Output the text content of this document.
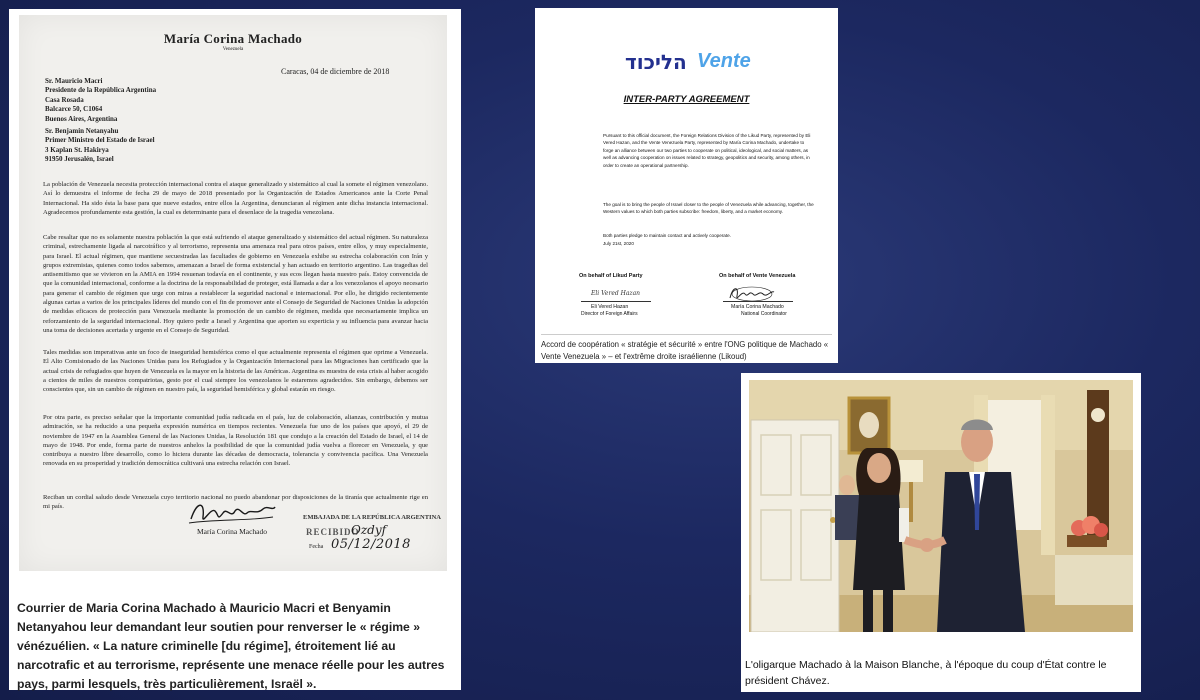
María Corina Machado
Venezuela
Caracas, 04 de diciembre de 2018
Sr. Mauricio Macri
Presidente de la República Argentina
Casa Rosada
Balcarce 50, C1064
Buenos Aires, Argentina
Sr. Benjamin Netanyahu
Primer Ministro del Estado de Israel
3 Kaplan St. Hakirya
91950 Jerusalén, Israel

La población de Venezuela necesita protección internacional contra el ataque generalizado y sistemático al cual la somete el régimen venezolano. Así lo demuestra el informe de fecha 29 de mayo de 2018 presentado por la Organización de Estados Americanos ante la Corte Penal Internacional. Ha sido ésta la base para que nueve estados, entre ellos la Argentina, denunciaran al régimen ante dicha instancia internacional. Agradecemos profundamente esta gestión, la cual es determinante para el desenlace de la tragedia venezolana.

Cabe resaltar que no es solamente nuestra población la que está sufriendo el ataque generalizado y sistemático del actual régimen. Su naturaleza criminal, estrechamente ligada al narcotráfico y al terrorismo, representa una amenaza real para otros países, entre ellos, y muy especialmente, para Israel. El actual régimen, que mantiene secuestradas las facultades de gobierno en Venezuela exhibe su estrecha colaboración con Irán y grupos extremistas, quienes como todos sabemos, amenazan a Israel de forma existencial y han actuado en territorio argentino. Las tragedias del antisemitismo que se vivieron en la AMIA en 1994 resuenan todavía en el continente, y sus ecos llegan hasta nuestro país. Estoy convencida de que la comunidad internacional, conforme a la doctrina de la responsabilidad de proteger, está llamada a dar a los venezolanos el apoyo necesario para generar el cambio de régimen que urge con miras a restablecer la seguridad nacional e internacional. Por ello, he dirigido recientemente algunas cartas a varios de los principales líderes del mundo con el fin de promover ante el Consejo de Seguridad de Naciones Unidas la adopción de medidas eficaces de protección para Venezuela mediante la promoción de un cambio de régimen, medida que necesariamente implica un reforzamiento de la seguridad internacional. Hoy quiero pedir a Israel y Argentina que aporten su experticia y su influencia para avanzar hacia una toma de decisiones acertada y urgente en el Consejo de Seguridad.

Tales medidas son imperativas ante un foco de inseguridad hemisférica como el que actualmente representa el régimen que oprime a Venezuela. El Alto Comisionado de las Naciones Unidas para los Refugiados y la Organización Internacional para las Migraciones han certificado que la actual crisis de refugiados que huyen de Venezuela es la mayor en la historia de las Américas. Argentina es muestra de esta crisis al haber acogido a cientos de miles de nuestros compatriotas, gesto por el cual siempre los venezolanos le estaremos agradecidos. Sin embargo, debemos ser conscientes que, sin un cambio de régimen en nuestro país, la seguridad hemisférica y global estarán en riesgo.

Por otra parte, es preciso señalar que la importante comunidad judía radicada en el país, luz de colaboración, alianzas, contribución y mutua admiración, se ha reducido a una pequeña expresión numérica en tiempos recientes. Venezuela fue uno de los países que apoyó, el 29 de noviembre de 1947 en la Asamblea General de las Naciones Unidas, la Resolución 181 que condujo a la creación del Estado de Israel, el 14 de mayo de 1948. Por ende, forma parte de nuestros anhelos la posibilidad de que la comunidad judía vuelva a florecer en Venezuela, y que contribuya a nuestro libre desarrollo, como lo hiciera durante las décadas de democracia, tolerancia y convivencia pacífica. Una Venezuela renovada en su prosperidad y tradición democrática cultivará una estrecha relación con Israel.

Reciban un cordial saludo desde Venezuela cuyo territorio nacional no puedo abandonar por disposiciones de la tiranía que actualmente rige en mi país.

María Corina Machado
EMBAJADA DE LA REPÚBLICA ARGENTINA
RECIBIDO
Ozdyf
Fecha 05/12/2018

Courrier de Maria Corina Machado à Mauricio Macri et Benyamin Netanyahou leur demandant leur soutien pour renverser le « régime » vénézuélien. « La nature criminelle [du régime], étroitement lié au narcotrafic et au terrorisme, représente une menace réelle pour les autres pays, parmi lesquels, très particulièrement, Israël ».

הליכוד Vente
INTER-PARTY AGREEMENT

Pursuant to this official document, the Foreign Relations Division of the Likud Party, represented by Eli Vered Hazan, and the Vente Venezuela Party, represented by María Corina Machado, undertake to forge an alliance between our two parties to cooperate on political, ideological, and social matters, as well as advancing cooperation on issues related to strategy, geopolitics and security, among others, in order to create an operational partnership.

The goal is to bring the people of Israel closer to the people of Venezuela while advancing, together, the Western values to which both parties subscribe: freedom, liberty, and a market economy.

Both parties pledge to maintain contact and actively cooperate.

July 21st, 2020
On behalf of Likud Party	On behalf of Vente Venezuela
Eli Vered Hazan
Eli Vered Hazan
Director of Foreign Affairs
María Corina Machado
National Coordinator

Accord de coopération « stratégie et sécurité » entre l'ONG politique de Machado « Vente Venezuela » – et l'extrême droite israélienne (Likoud)

L'oligarque Machado à la Maison Blanche, à l'époque du coup d'État contre le président Chávez.
